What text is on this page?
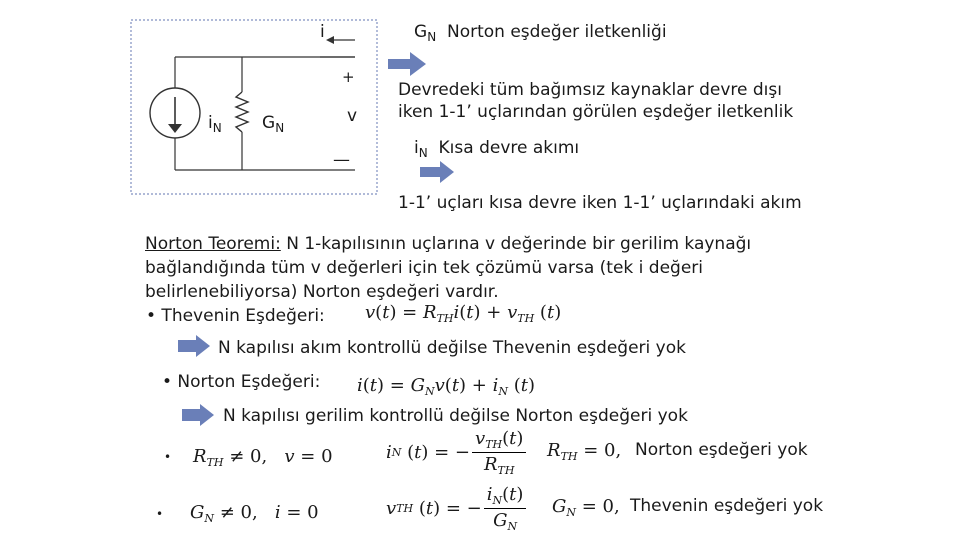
i
+
v
—
$i_N$ $G_N$
$G_N$ Norton eşdeğer iletkenliği
Devredeki tüm bağımsız kaynaklar devre dışı
iken 1-1’ uçlarından görülen eşdeğer iletkenlik
$i_N$ Kısa devre akımı
1-1’ uçları kısa devre iken 1-1’ uçlarındaki akım
Norton Teoremi: N 1-kapılısının uçlarına v değerinde bir gerilim kaynağı
bağlandığında tüm v değerleri için tek çözümü varsa (tek i değeri
belirlenebiliyorsa) Norton eşdeğeri vardır.
• Thevenin Eşdeğeri: $v(t) = R_{TH}i(t) + v_{TH}$ (t)
N kapılısı akım kontrollü değilse Thevenin eşdeğeri yok
• Norton Eşdeğeri: $i(t) = G_Nv(t) + i_N$ (t)
N kapılısı gerilim kontrollü değilse Norton eşdeğeri yok
• $R_{TH} \ne 0$,   v = 0	i N ( t ) = − $\frac{v_{TH}(t)}{R_{TH}} R_{TH} = 0$, Norton eşdeğeri yok
• $G_N \ne 0$,   i = 0	v TH ( t ) = − $\frac{i_N(t)}{G_N} G_N = 0$, Thevenin eşdeğeri yok
